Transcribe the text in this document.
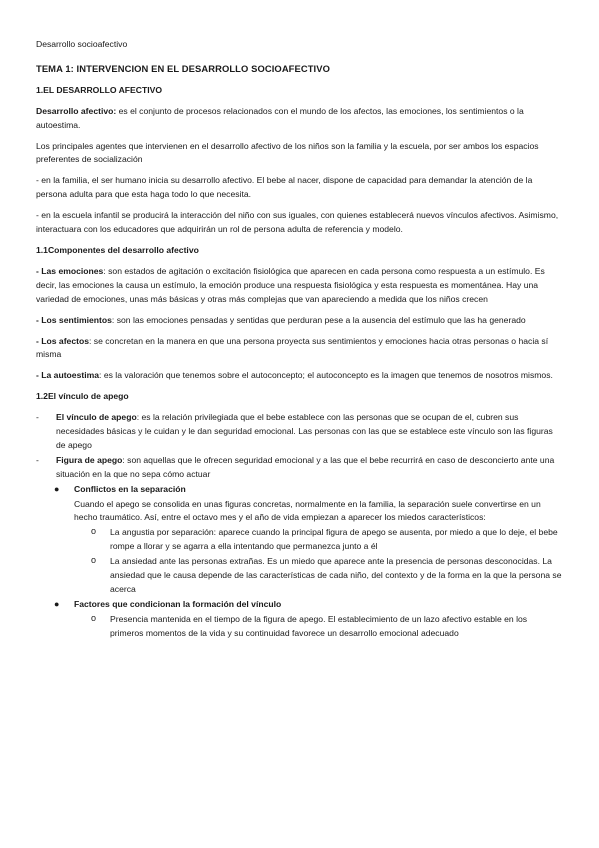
Desarrollo socioafectivo
TEMA 1: INTERVENCION EN EL DESARROLLO SOCIOAFECTIVO
1.EL DESARROLLO AFECTIVO

Desarrollo afectivo: es el conjunto de procesos relacionados con el mundo de los afectos, las emociones, los sentimientos o la autoestima.

Los principales agentes que intervienen en el desarrollo afectivo de los niños son la familia y la escuela, por ser ambos los espacios preferentes de socialización

- en la familia, el ser humano inicia su desarrollo afectivo. El bebe al nacer, dispone de capacidad para demandar la atención de la persona adulta para que esta haga todo lo que necesita.

- en la escuela infantil se producirá la interacción del niño con sus iguales, con quienes establecerá nuevos vínculos afectivos. Asimismo, interactuara con los educadores que adquirirán un rol de persona adulta de referencia y modelo.

1.1Componentes del desarrollo afectivo

- Las emociones: son estados de agitación o excitación fisiológica que aparecen en cada persona como respuesta a un estímulo. Es decir, las emociones la causa un estímulo, la emoción produce una respuesta fisiológica y esta respuesta es momentánea. Hay una variedad de emociones, unas más básicas y otras más complejas que van apareciendo a medida que los niños crecen

- Los sentimientos: son las emociones pensadas y sentidas que perduran pese a la ausencia del estímulo que las ha generado

- Los afectos: se concretan en la manera en que una persona proyecta sus sentimientos y emociones hacia otras personas o hacia sí misma

- La autoestima: es la valoración que tenemos sobre el autoconcepto; el autoconcepto es la imagen que tenemos de nosotros mismos.

1.2El vínculo de apego
- El vínculo de apego: es la relación privilegiada que el bebe establece con las personas que se ocupan de el, cubren sus necesidades básicas y le cuidan y le dan seguridad emocional. Las personas con las que se establece este vínculo son las figuras de apego
- Figura de apego: son aquellas que le ofrecen seguridad emocional y a las que el bebe recurrirá en caso de desconcierto ante una situación en la que no sepa cómo actuar
● Conflictos en la separación
Cuando el apego se consolida en unas figuras concretas, normalmente en la familia, la separación suele convertirse en un hecho traumático. Así, entre el octavo mes y el año de vida empiezan a aparecer los miedos característicos:
o La angustia por separación: aparece cuando la principal figura de apego se ausenta, por miedo a que lo deje, el bebe rompe a llorar y se agarra a ella intentando que permanezca junto a él
o La ansiedad ante las personas extrañas. Es un miedo que aparece ante la presencia de personas desconocidas. La ansiedad que le causa depende de las características de cada niño, del contexto y de la forma en la que la persona se acerca
● Factores que condicionan la formación del vínculo
o Presencia mantenida en el tiempo de la figura de apego. El establecimiento de un lazo afectivo estable en los primeros momentos de la vida y su continuidad favorece un desarrollo emocional adecuado
